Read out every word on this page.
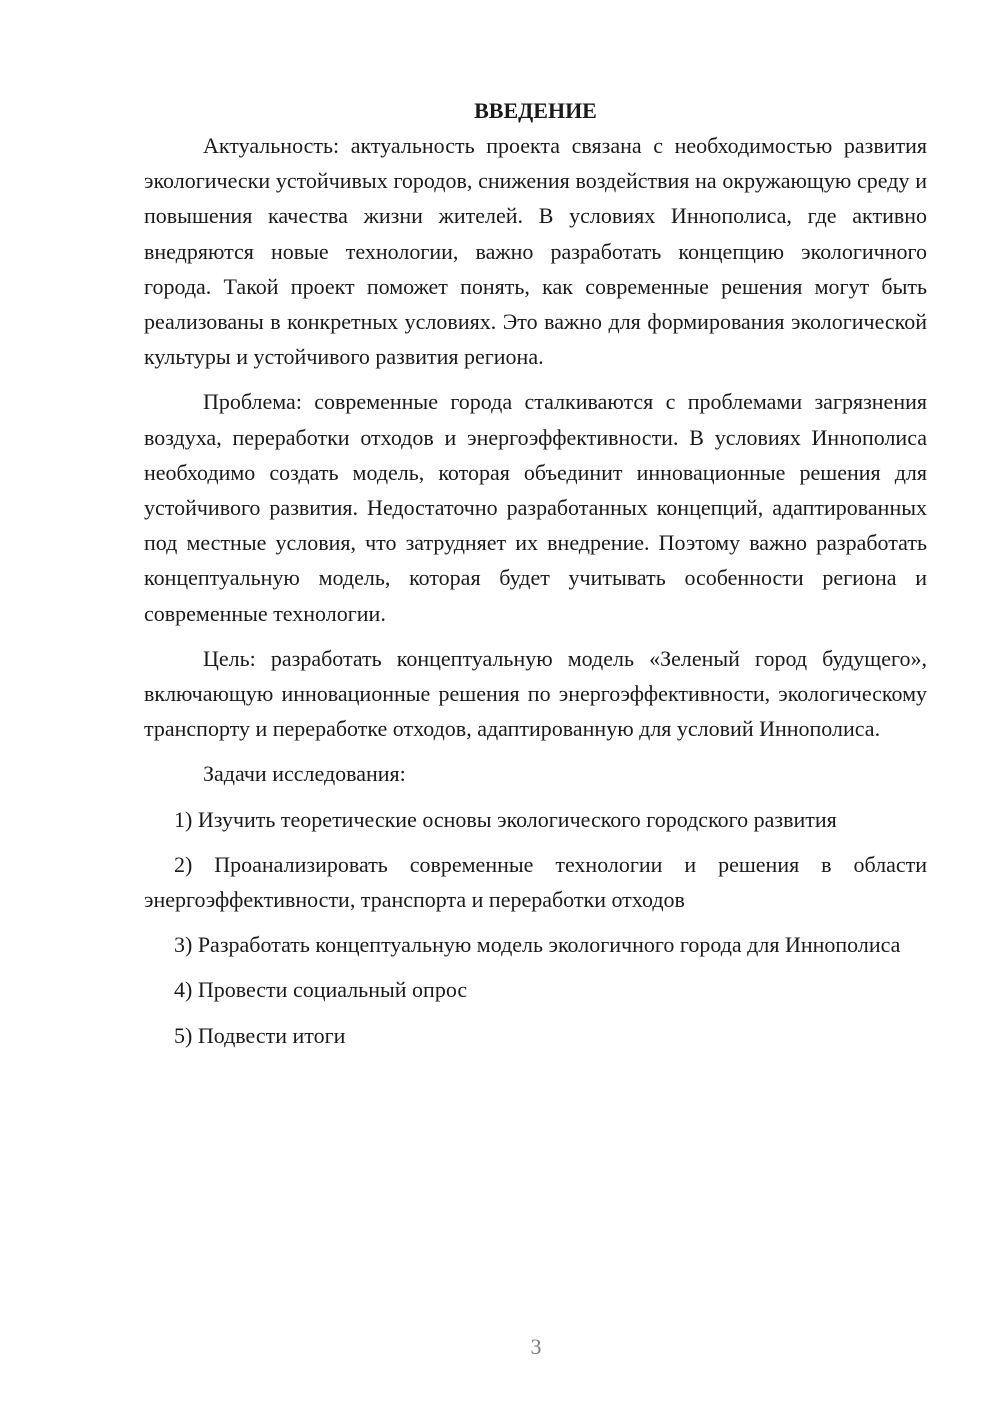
ВВЕДЕНИЕ

Актуальность: актуальность проекта связана с необходимостью развития экологически устойчивых городов, снижения воздействия на окружающую среду и повышения качества жизни жителей. В условиях Иннополиса, где активно внедряются новые технологии, важно разработать концепцию экологичного города. Такой проект поможет понять, как современные решения могут быть реализованы в конкретных условиях. Это важно для формирования экологической культуры и устойчивого развития региона.

Проблема: современные города сталкиваются с проблемами загрязнения воздуха, переработки отходов и энергоэффективности. В условиях Иннополиса необходимо создать модель, которая объединит инновационные решения для устойчивого развития. Недостаточно разработанных концепций, адаптированных под местные условия, что затрудняет их внедрение. Поэтому важно разработать концептуальную модель, которая будет учитывать особенности региона и современные технологии.

Цель: разработать концептуальную модель «Зеленый город будущего», включающую инновационные решения по энергоэффективности, экологическому транспорту и переработке отходов, адаптированную для условий Иннополиса.

Задачи исследования:

1) Изучить теоретические основы экологического городского развития

2) Проанализировать современные технологии и решения в области энергоэффективности, транспорта и переработки отходов

3) Разработать концептуальную модель экологичного города для Иннополиса

4) Провести социальный опрос

5) Подвести итоги

3
